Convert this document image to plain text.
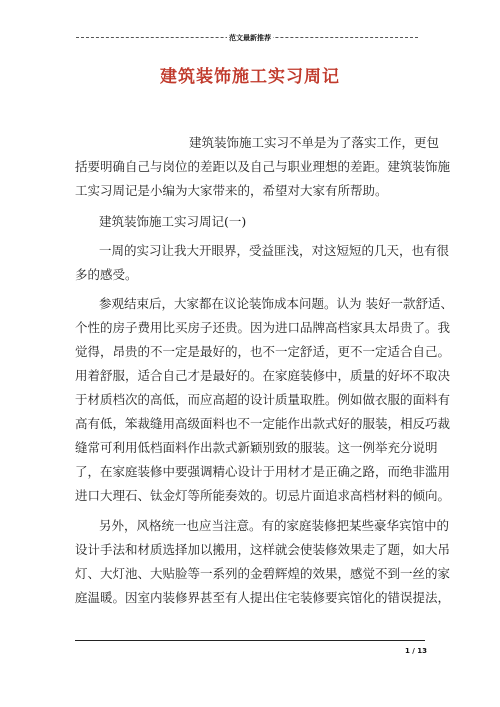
范文最新推荐
建筑装饰施工实习周记
建筑装饰施工实习不单是为了落实工作，更包
括要明确自己与岗位的差距以及自己与职业理想的差距。建筑装饰施
工实习周记是小编为大家带来的，希望对大家有所帮助。
建筑装饰施工实习周记(一)
一周的实习让我大开眼界，受益匪浅，对这短短的几天，也有很
多的感受。
参观结束后，大家都在议论装饰成本问题。认为 装好一款舒适、
个性的房子费用比买房子还贵。因为进口品牌高档家具太昂贵了。我
觉得，昂贵的不一定是最好的，也不一定舒适，更不一定适合自己。
用着舒服，适合自己才是最好的。在家庭装修中，质量的好坏不取决
于材质档次的高低，而应高超的设计质量取胜。例如做衣服的面料有
高有低，笨裁缝用高级面料也不一定能作出款式好的服装，相反巧裁
缝常可利用低档面料作出款式新颖别致的服装。这一例举充分说明
了，在家庭装修中要强调精心设计于用材才是正确之路，而绝非滥用
进口大理石、钛金灯等所能奏效的。切忌片面追求高档材料的倾向。
另外，风格统一也应当注意。有的家庭装修把某些豪华宾馆中的
设计手法和材质选择加以搬用，这样就会使装修效果走了题，如大吊
灯、大灯池、大贴脸等一系列的金碧辉煌的效果，感觉不到一丝的家
庭温暖。因室内装修界甚至有人提出住宅装修要宾馆化的错误提法，
1 / 13
